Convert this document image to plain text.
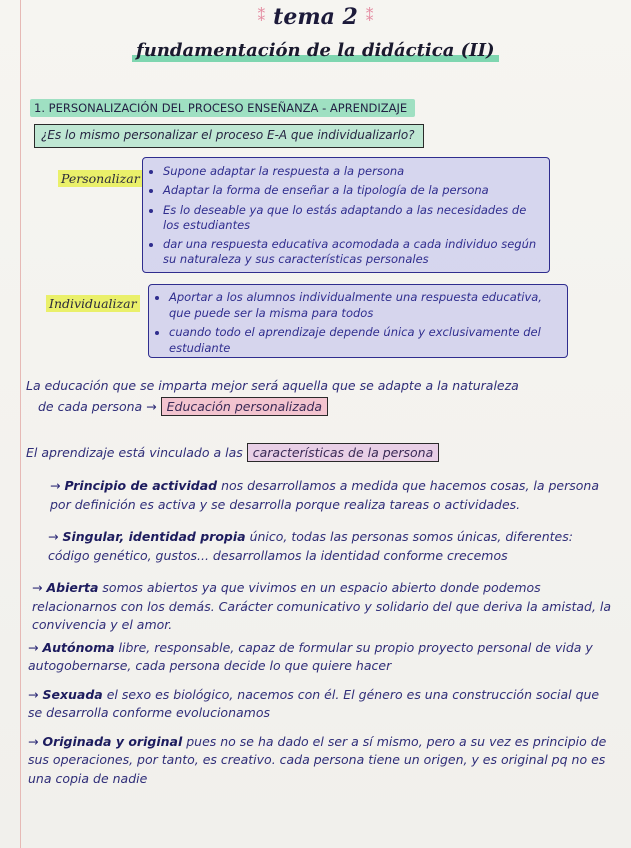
⁑ tema 2 ⁑
fundamentación de la didáctica (II)
1. PERSONALIZACIÓN DEL PROCESO ENSEÑANZA - APRENDIZAJE
¿Es lo mismo personalizar el proceso E-A que individualizarlo?
Personalizar • Supone adaptar la respuesta a la persona
• Adaptar la forma de enseñar a la tipología de la persona
• Es lo deseable ya que lo estás adaptando a las necesidades de los estudiantes
• dar una respuesta educativa acomodada a cada individuo según su naturaleza y sus características personales
Individualizar	• Aportar a los alumnos individualmente una respuesta educativa, que puede ser la misma para todos
• cuando todo el aprendizaje depende única y exclusivamente del estudiante
La educación que se imparta mejor será aquella que se adapte a la naturaleza
de cada persona → Educación personalizada
El aprendizaje está vinculado a las características de la persona
→ Principio de actividad nos desarrollamos a medida que hacemos cosas, la persona por definición es activa y se desarrolla porque realiza tareas o actividades.
→ Singular, identidad propia único, todas las personas somos únicas, diferentes: código genético, gustos... desarrollamos la identidad conforme crecemos
→ Abierta somos abiertos ya que vivimos en un espacio abierto donde podemos relacionarnos con los demás. Carácter comunicativo y solidario del que deriva la amistad, la convivencia y el amor.
→ Autónoma libre, responsable, capaz de formular su propio proyecto personal de vida y autogobernarse, cada persona decide lo que quiere hacer
→ Sexuada el sexo es biológico, nacemos con él. El género es una construcción social que se desarrolla conforme evolucionamos
→ Originada y original pues no se ha dado el ser a sí mismo, pero a su vez es principio de sus operaciones, por tanto, es creativo. cada persona tiene un origen, y es original pq no es una copia de nadie
